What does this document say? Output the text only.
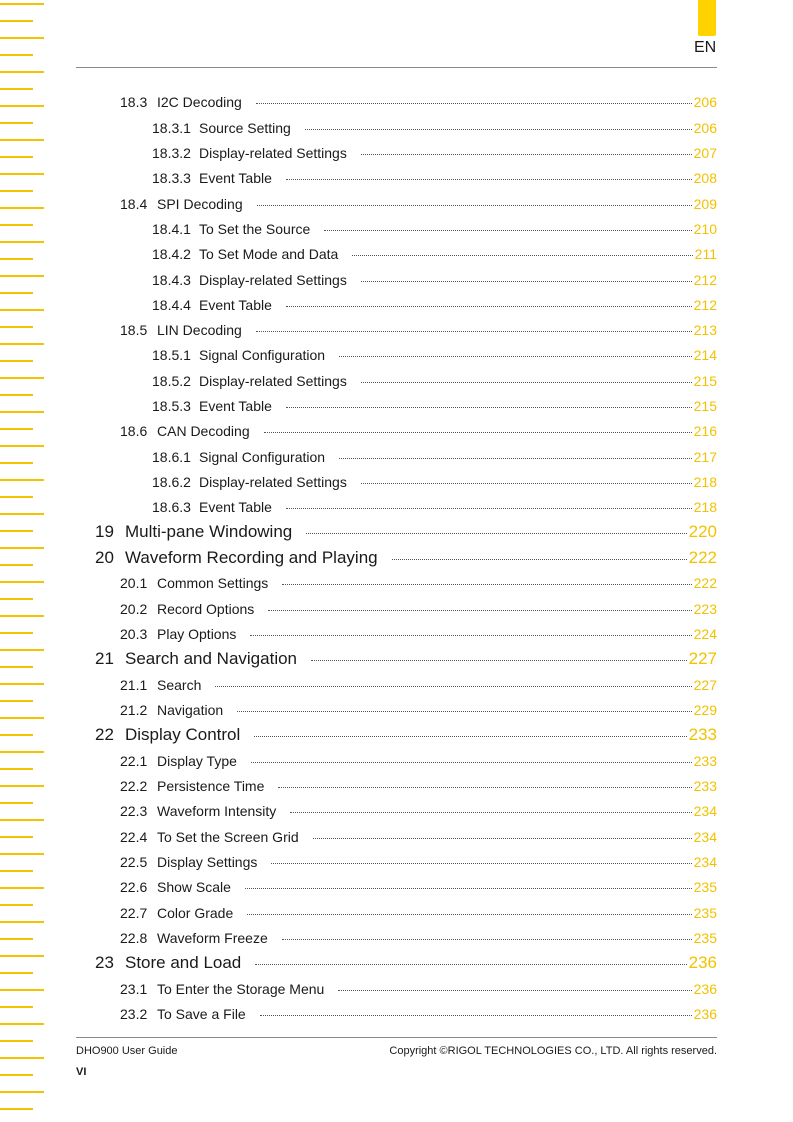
EN
18.3 I2C Decoding	206
18.3.1 Source Setting	206
18.3.2 Display-related Settings	207
18.3.3 Event Table	208
18.4 SPI Decoding	209
18.4.1 To Set the Source	210
18.4.2 To Set Mode and Data	211
18.4.3 Display-related Settings	212
18.4.4 Event Table	212
18.5 LIN Decoding	213
18.5.1 Signal Configuration	214
18.5.2 Display-related Settings	215
18.5.3 Event Table	215
18.6 CAN Decoding	216
18.6.1 Signal Configuration	217
18.6.2 Display-related Settings	218
18.6.3 Event Table	218
19 Multi-pane Windowing	220
20 Waveform Recording and Playing	222
20.1 Common Settings	222
20.2 Record Options	223
20.3 Play Options	224
21 Search and Navigation	227
21.1 Search	227
21.2 Navigation	229
22 Display Control	233
22.1 Display Type	233
22.2 Persistence Time	233
22.3 Waveform Intensity	234
22.4 To Set the Screen Grid	234
22.5 Display Settings	234
22.6 Show Scale	235
22.7 Color Grade	235
22.8 Waveform Freeze	235
23 Store and Load	236
23.1 To Enter the Storage Menu	236
23.2 To Save a File	236
DHO900 User Guide	Copyright ©RIGOL TECHNOLOGIES CO., LTD. All rights reserved.
VI
